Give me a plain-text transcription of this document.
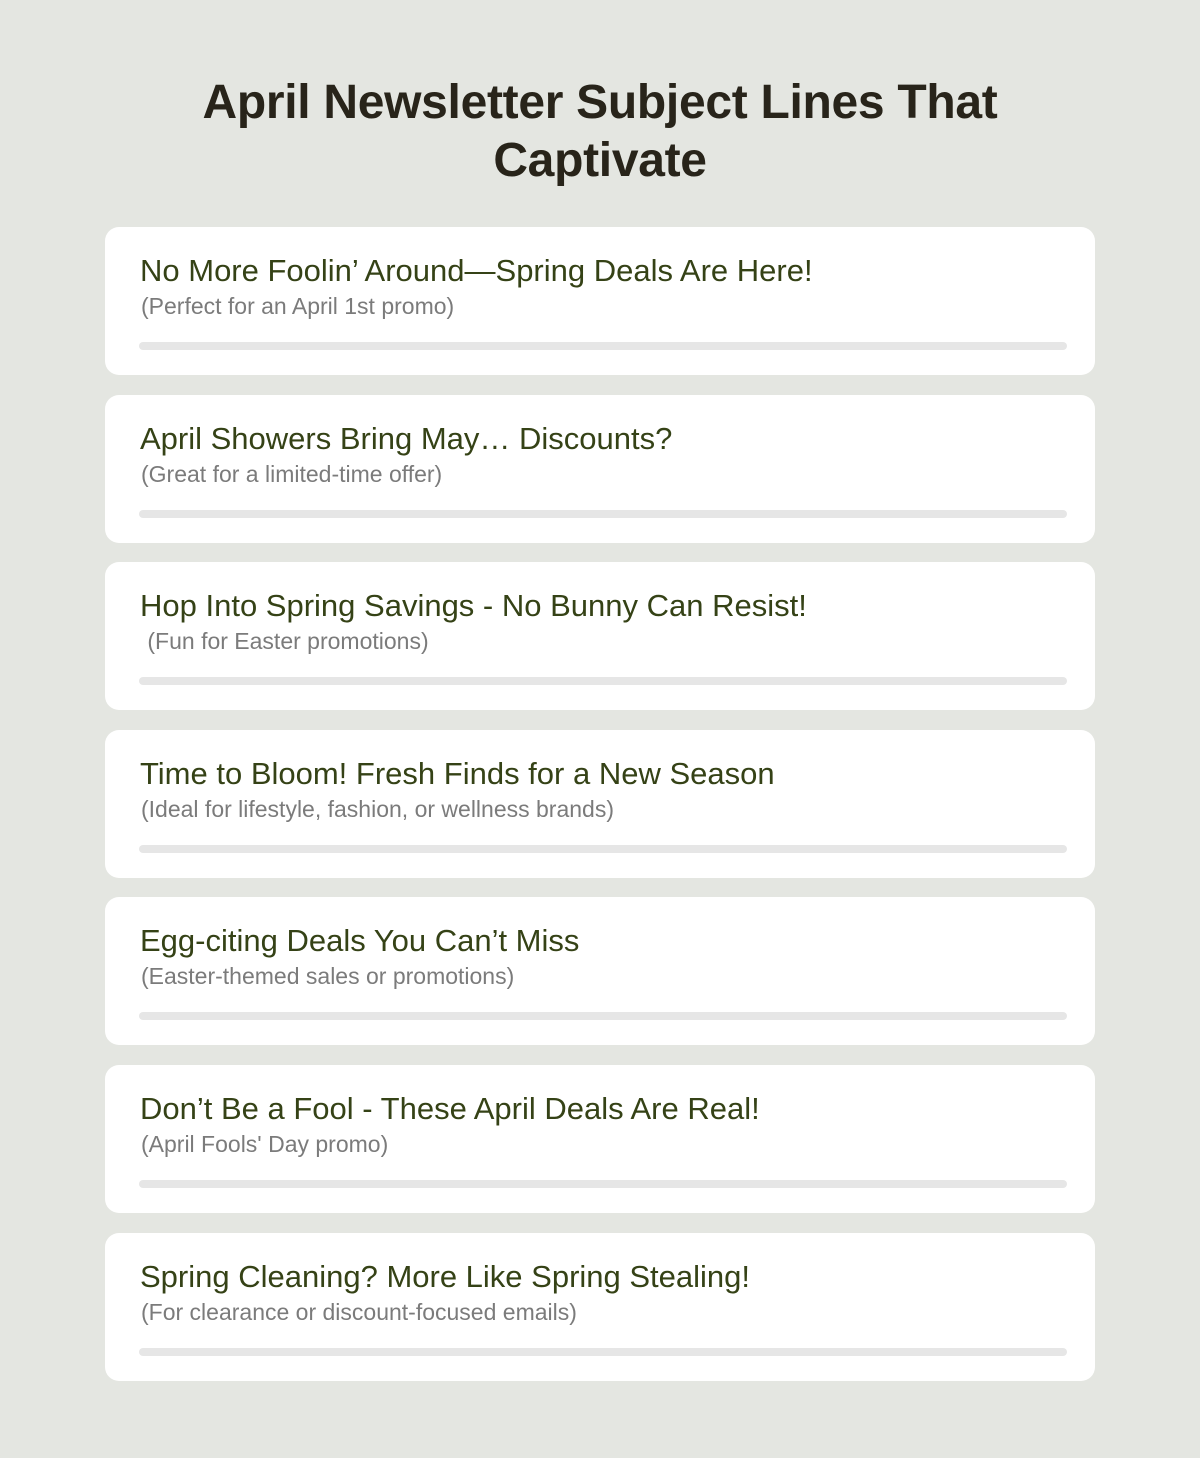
April Newsletter Subject Lines That Captivate
No More Foolin’ Around—Spring Deals Are Here!
(Perfect for an April 1st promo)
April Showers Bring May… Discounts?
(Great for a limited-time offer)
Hop Into Spring Savings - No Bunny Can Resist!
(Fun for Easter promotions)
Time to Bloom! Fresh Finds for a New Season
(Ideal for lifestyle, fashion, or wellness brands)
Egg-citing Deals You Can’t Miss
(Easter-themed sales or promotions)
Don’t Be a Fool - These April Deals Are Real!
(April Fools' Day promo)
Spring Cleaning? More Like Spring Stealing!
(For clearance or discount-focused emails)
